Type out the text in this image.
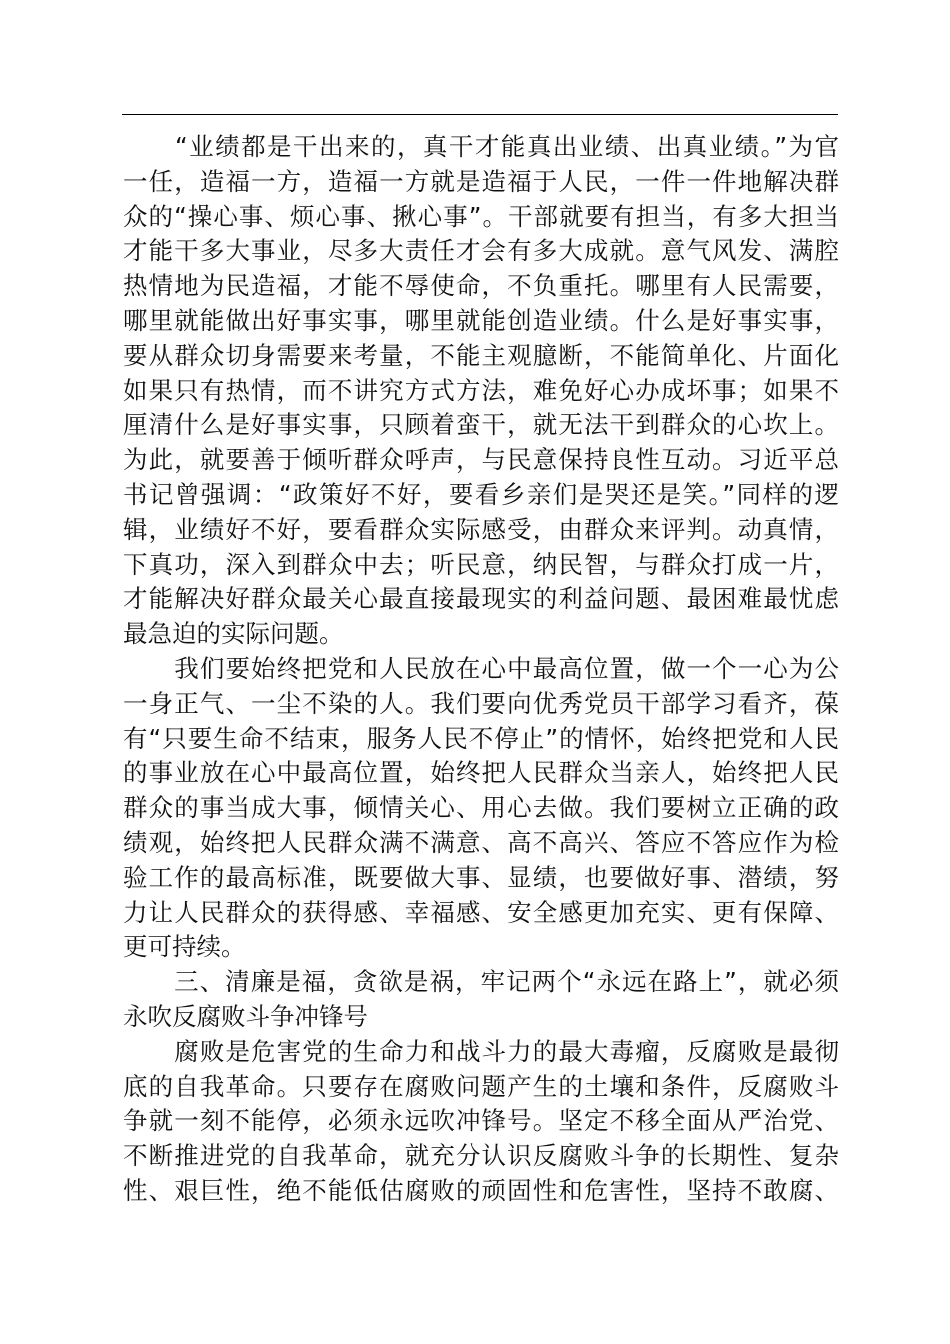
　　“业绩都是干出来的，真干才能真出业绩、出真业绩。”为官
一任，造福一方，造福一方就是造福于人民，一件一件地解决群
众的“操心事、烦心事、揪心事”。干部就要有担当，有多大担当
才能干多大事业，尽多大责任才会有多大成就。意气风发、满腔
热情地为民造福，才能不辱使命，不负重托。哪里有人民需要，
哪里就能做出好事实事，哪里就能创造业绩。什么是好事实事，
要从群众切身需要来考量，不能主观臆断，不能简单化、片面化
如果只有热情，而不讲究方式方法，难免好心办成坏事；如果不
厘清什么是好事实事，只顾着蛮干，就无法干到群众的心坎上。
为此，就要善于倾听群众呼声，与民意保持良性互动。习近平总
书记曾强调：“政策好不好，要看乡亲们是哭还是笑。”同样的逻
辑，业绩好不好，要看群众实际感受，由群众来评判。动真情，
下真功，深入到群众中去；听民意，纳民智，与群众打成一片，
才能解决好群众最关心最直接最现实的利益问题、最困难最忧虑
最急迫的实际问题。
　　我们要始终把党和人民放在心中最高位置，做一个一心为公
一身正气、一尘不染的人。我们要向优秀党员干部学习看齐，葆
有“只要生命不结束，服务人民不停止”的情怀，始终把党和人民
的事业放在心中最高位置，始终把人民群众当亲人，始终把人民
群众的事当成大事，倾情关心、用心去做。我们要树立正确的政
绩观，始终把人民群众满不满意、高不高兴、答应不答应作为检
验工作的最高标准，既要做大事、显绩，也要做好事、潜绩，努
力让人民群众的获得感、幸福感、安全感更加充实、更有保障、
更可持续。
　　三、清廉是福，贪欲是祸，牢记两个“永远在路上”，就必须
永吹反腐败斗争冲锋号
　　腐败是危害党的生命力和战斗力的最大毒瘤，反腐败是最彻
底的自我革命。只要存在腐败问题产生的土壤和条件，反腐败斗
争就一刻不能停，必须永远吹冲锋号。坚定不移全面从严治党、
不断推进党的自我革命，就充分认识反腐败斗争的长期性、复杂
性、艰巨性，绝不能低估腐败的顽固性和危害性，坚持不敢腐、
